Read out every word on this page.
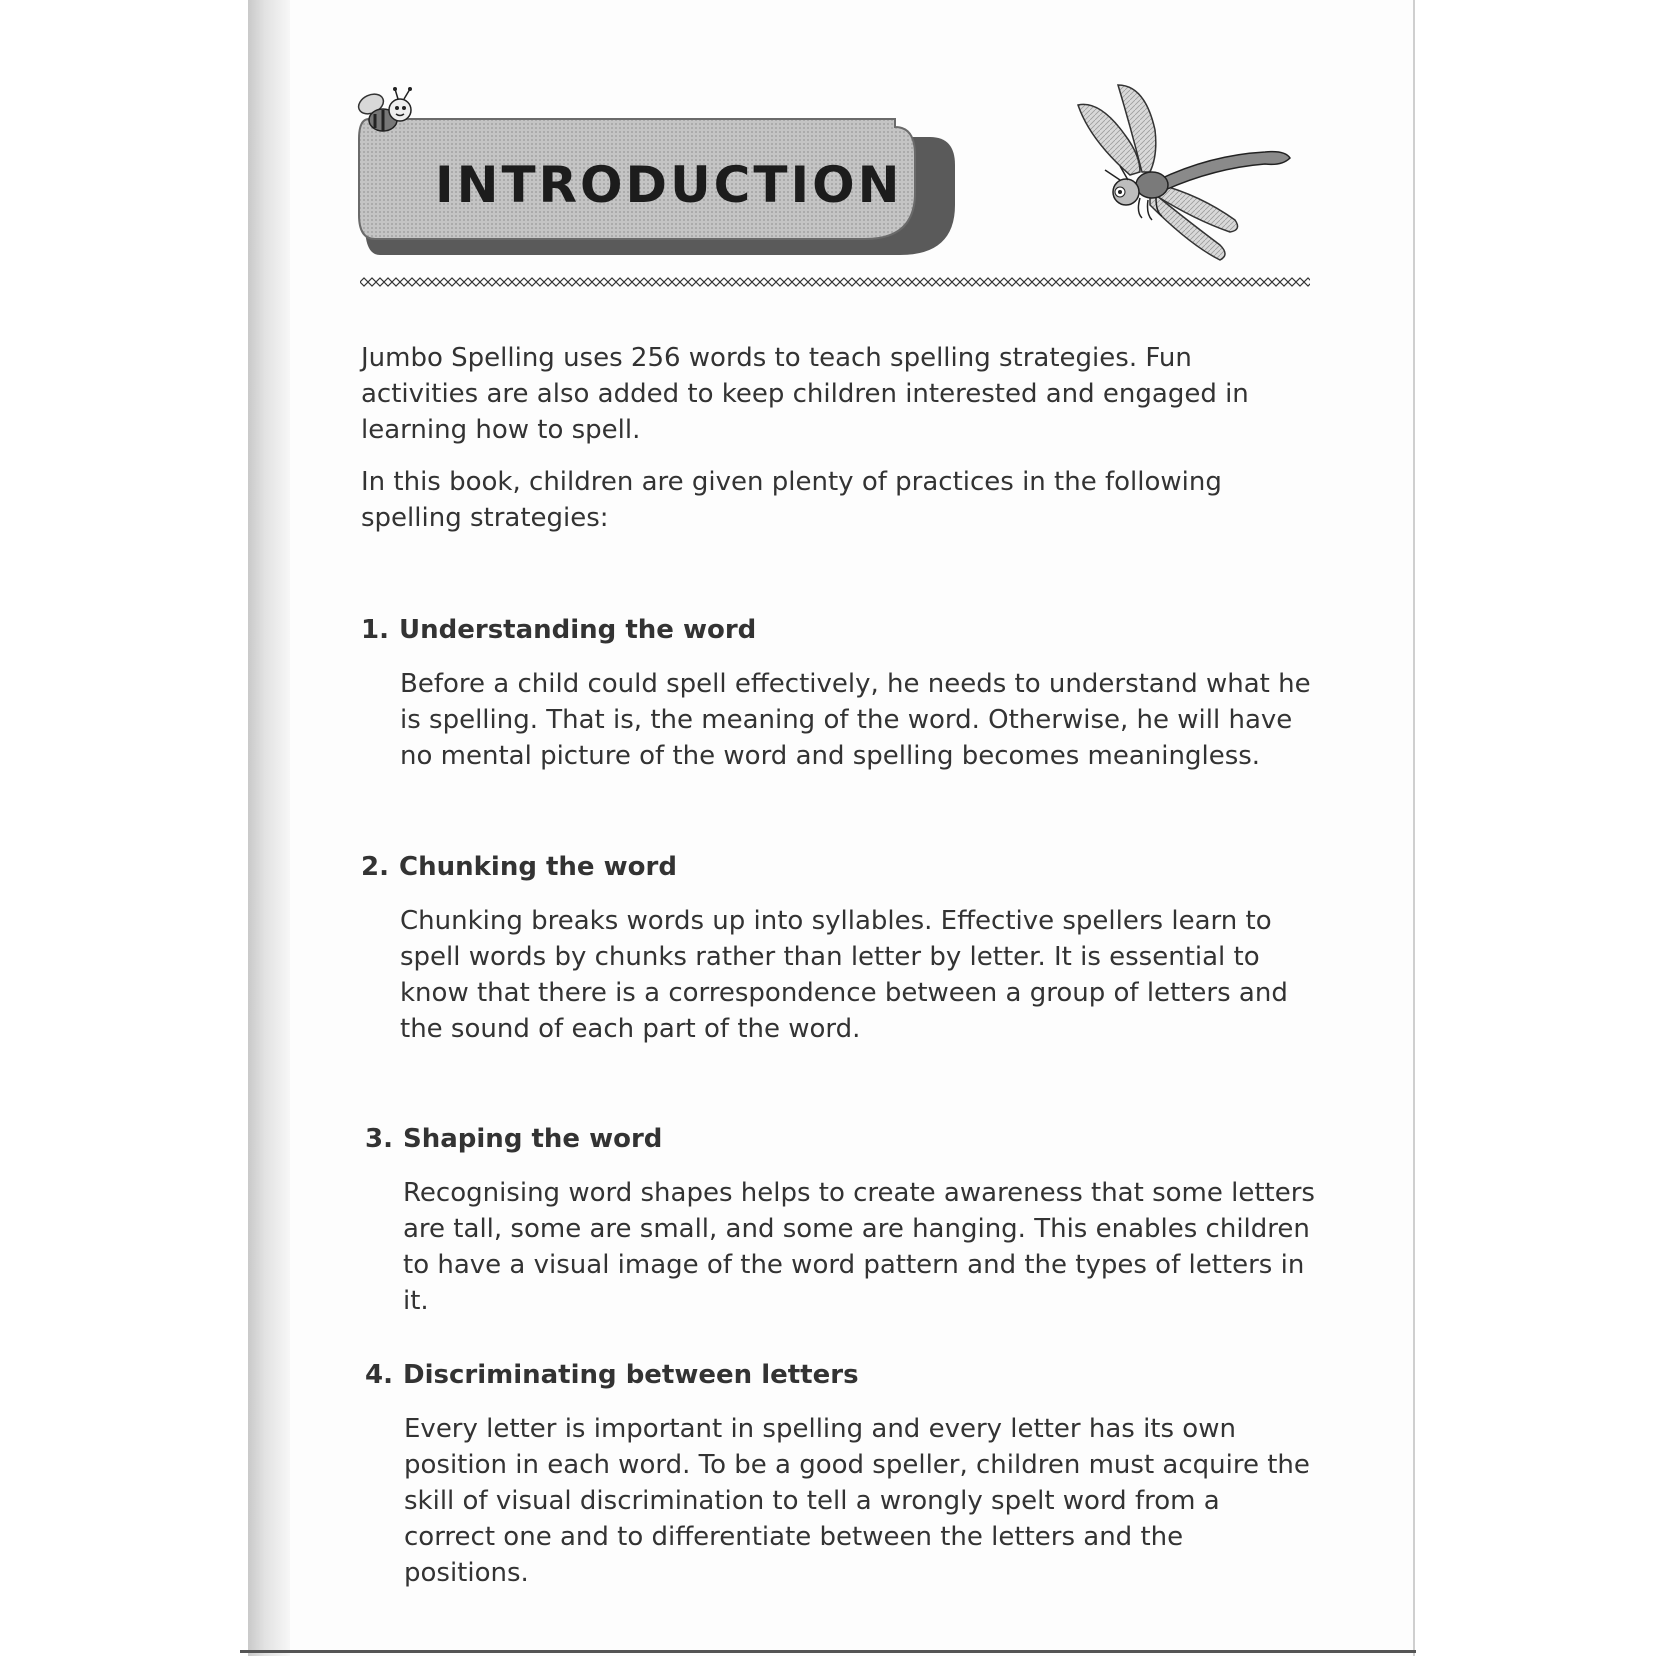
INTRODUCTION

Jumbo Spelling uses 256 words to teach spelling strategies. Fun activities are also added to keep children interested and engaged in learning how to spell.

In this book, children are given plenty of practices in the following spelling strategies:

1. Understanding the word

Before a child could spell effectively, he needs to understand what he is spelling. That is, the meaning of the word. Otherwise, he will have no mental picture of the word and spelling becomes meaningless.

2. Chunking the word

Chunking breaks words up into syllables. Effective spellers learn to spell words by chunks rather than letter by letter. It is essential to know that there is a correspondence between a group of letters and the sound of each part of the word.

3. Shaping the word

Recognising word shapes helps to create awareness that some letters are tall, some are small, and some are hanging. This enables children to have a visual image of the word pattern and the types of letters in it.

4. Discriminating between letters

Every letter is important in spelling and every letter has its own position in each word. To be a good speller, children must acquire the skill of visual discrimination to tell a wrongly spelt word from a correct one and to differentiate between the letters and the positions.
